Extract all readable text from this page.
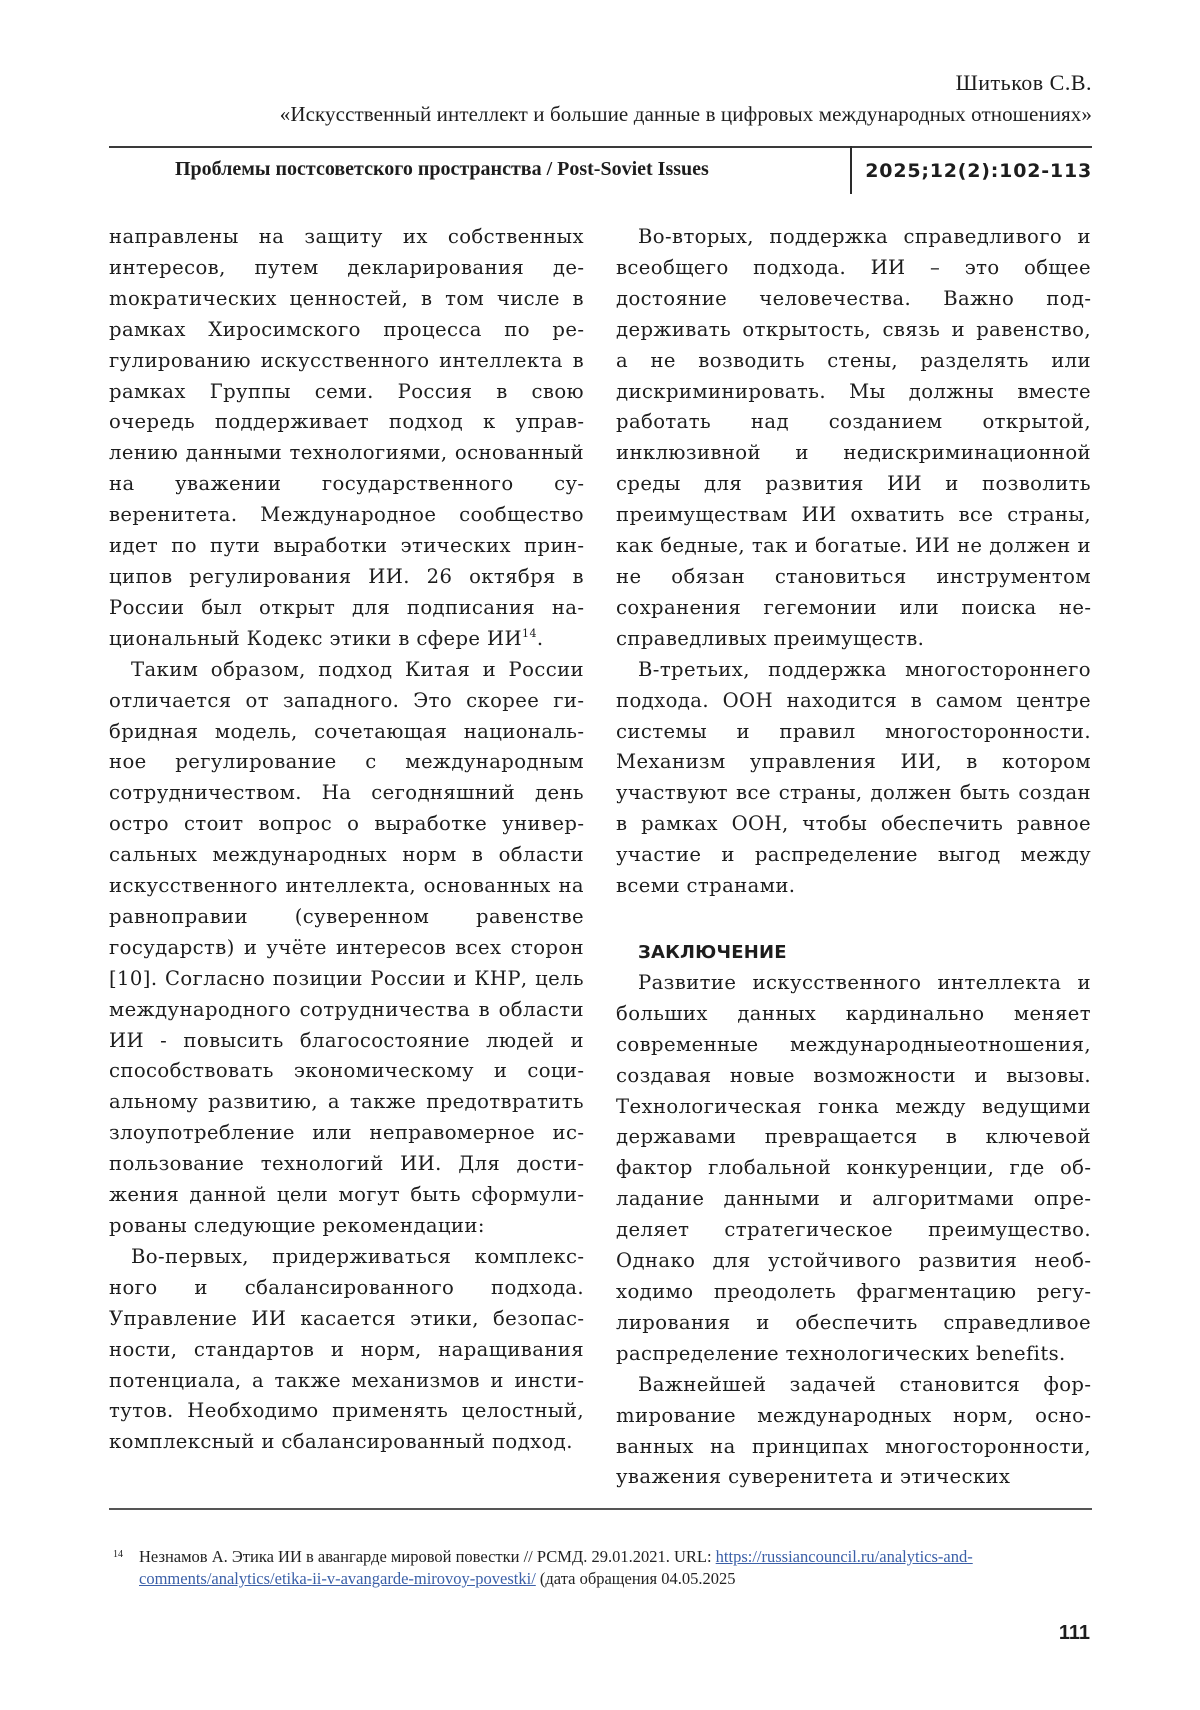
Шитьков С.В.
«Искусственный интеллект и большие данные в цифровых международных отношениях»
Проблемы постсоветского пространства / Post-Soviet Issues	2025;12(2):102-113

направлены на защиту их собственных интересов, путем декларирования деmократических ценностей, в том числе в рамках Хиросимского процесса по регулированию искусственного интеллекта в рамках Группы семи. Россия в свою очередь поддерживает подход к управлению данными технологиями, основанный на уважении государственного суверенитета. Международное сообщество идет по пути выработки этических принципов регулирования ИИ. 26 октября в России был открыт для подписания национальный Кодекс этики в сфере ИИ$^{14}$.

Таким образом, подход Китая и России отличается от западного. Это скорее гибридная модель, сочетающая национальное регулирование с международным сотрудничеством. На сегодняшний день остро стоит вопрос о выработке универсальных международных норм в области искусственного интеллекта, основанных на равноправии (суверенном равенстве государств) и учёте интересов всех сторон [10]. Согласно позиции России и КНР, цель международного сотрудничества в области ИИ - повысить благосостояние людей и способствовать экономическому и социальному развитию, а также предотвратить злоупотребление или неправомерное использование технологий ИИ. Для достижения данной цели могут быть сформулированы следующие рекомендации:

Во-первых, придерживаться комплексного и сбалансированного подхода. Управление ИИ касается этики, безопасности, стандартов и норм, наращивания потенциала, а также механизмов и институтов. Необходимо применять целостный, комплексный и сбалансированный подход.

Во-вторых, поддержка справедливого и всеобщего подхода. ИИ – это общее достояние человечества. Важно поддерживать открытость, связь и равенство, а не возводить стены, разделять или дискриминировать. Мы должны вместе работать над созданием открытой, инклюзивной и недискриминационной среды для развития ИИ и позволить преимуществам ИИ охватить все страны, как бедные, так и богатые. ИИ не должен и не обязан становиться инструментом сохранения гегемонии или поиска несправедливых преимуществ.

В-третьих, поддержка многостороннего подхода. ООН находится в самом центре системы и правил многосторонности. Механизм управления ИИ, в котором участвуют все страны, должен быть создан в рамках ООН, чтобы обеспечить равное участие и распределение выгод между всеми странами.

ЗАКЛЮЧЕНИЕ

Развитие искусственного интеллекта и больших данных кардинально меняет современные международныеотношения, создавая новые возможности и вызовы. Технологическая гонка между ведущими державами превращается в ключевой фактор глобальной конкуренции, где обладание данными и алгоритмами определяет стратегическое преимущество. Однако для устойчивого развития необходимо преодолеть фрагментацию регулирования и обеспечить справедливое распределение технологических benefits.

Важнейшей задачей становится форmирование международных норм, основанных на принципах многосторонности, уважения суверенитета и этических

14 Незнамов А. Этика ИИ в авангарде мировой повестки // РСМД. 29.01.2021. URL: https://russiancouncil.ru/analytics-and-comments/analytics/etika-ii-v-avangarde-mirovoy-povestki/ (дата обращения 04.05.2025
111
